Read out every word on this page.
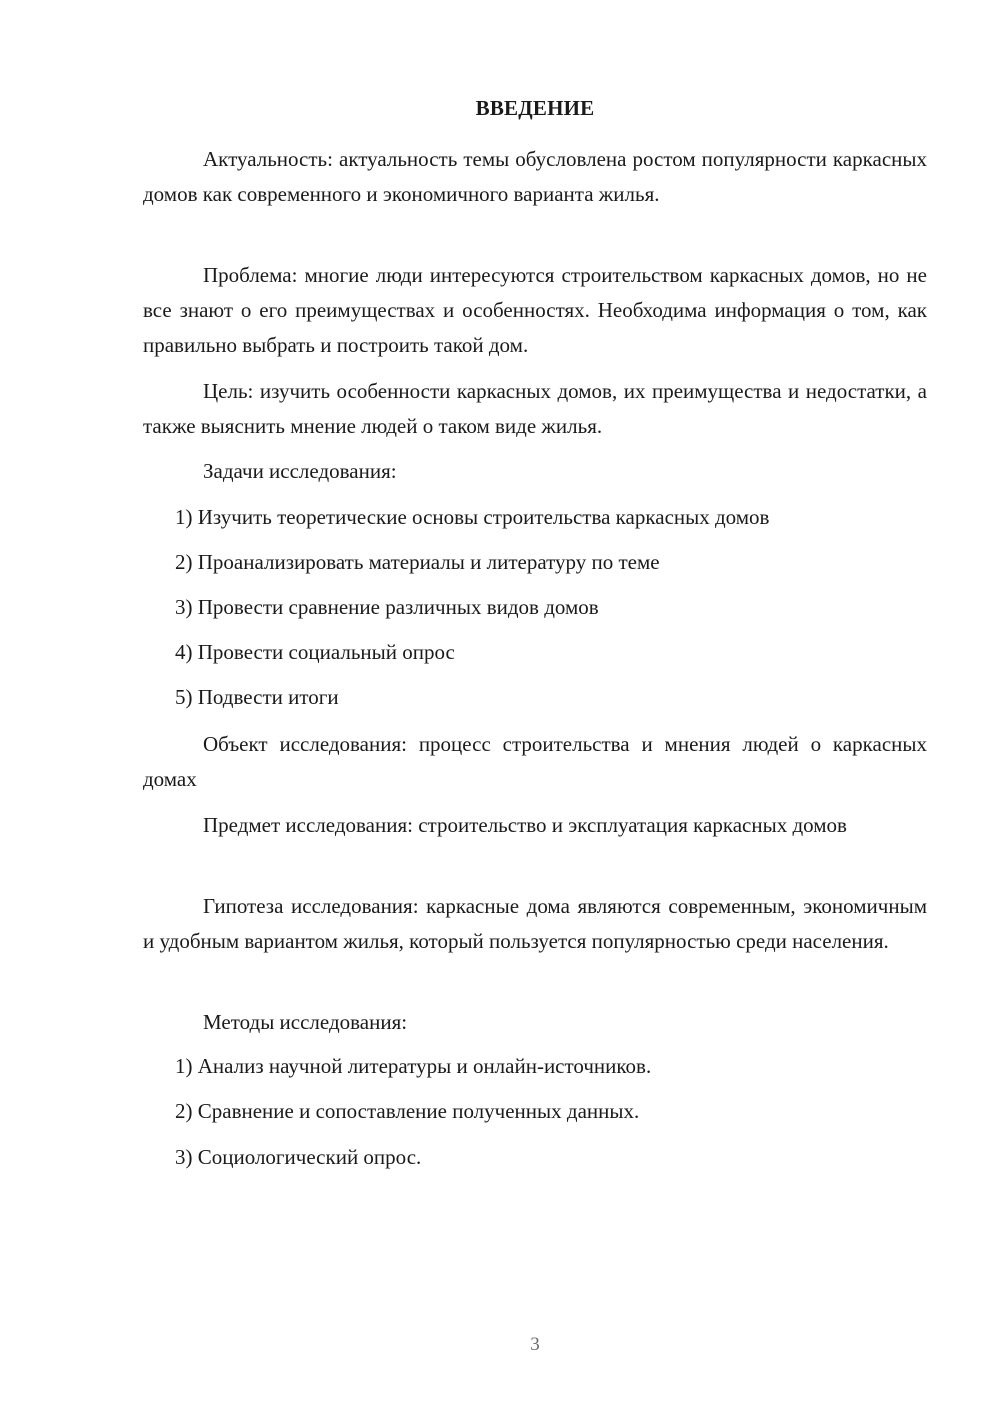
ВВЕДЕНИЕ
Актуальность: актуальность темы обусловлена ростом популярности каркасных домов как современного и экономичного варианта жилья.
Проблема: многие люди интересуются строительством каркасных домов, но не все знают о его преимуществах и особенностях. Необходима информация о том, как правильно выбрать и построить такой дом.
Цель: изучить особенности каркасных домов, их преимущества и недостатки, а также выяснить мнение людей о таком виде жилья.
Задачи исследования:
1) Изучить теоретические основы строительства каркасных домов
2) Проанализировать материалы и литературу по теме
3) Провести сравнение различных видов домов
4) Провести социальный опрос
5) Подвести итоги
Объект исследования: процесс строительства и мнения людей о каркасных домах
Предмет исследования: строительство и эксплуатация каркасных домов
Гипотеза исследования: каркасные дома являются современным, экономичным и удобным вариантом жилья, который пользуется популярностью среди населения.
Методы исследования:
1) Анализ научной литературы и онлайн-источников.
2) Сравнение и сопоставление полученных данных.
3) Социологический опрос.
3
